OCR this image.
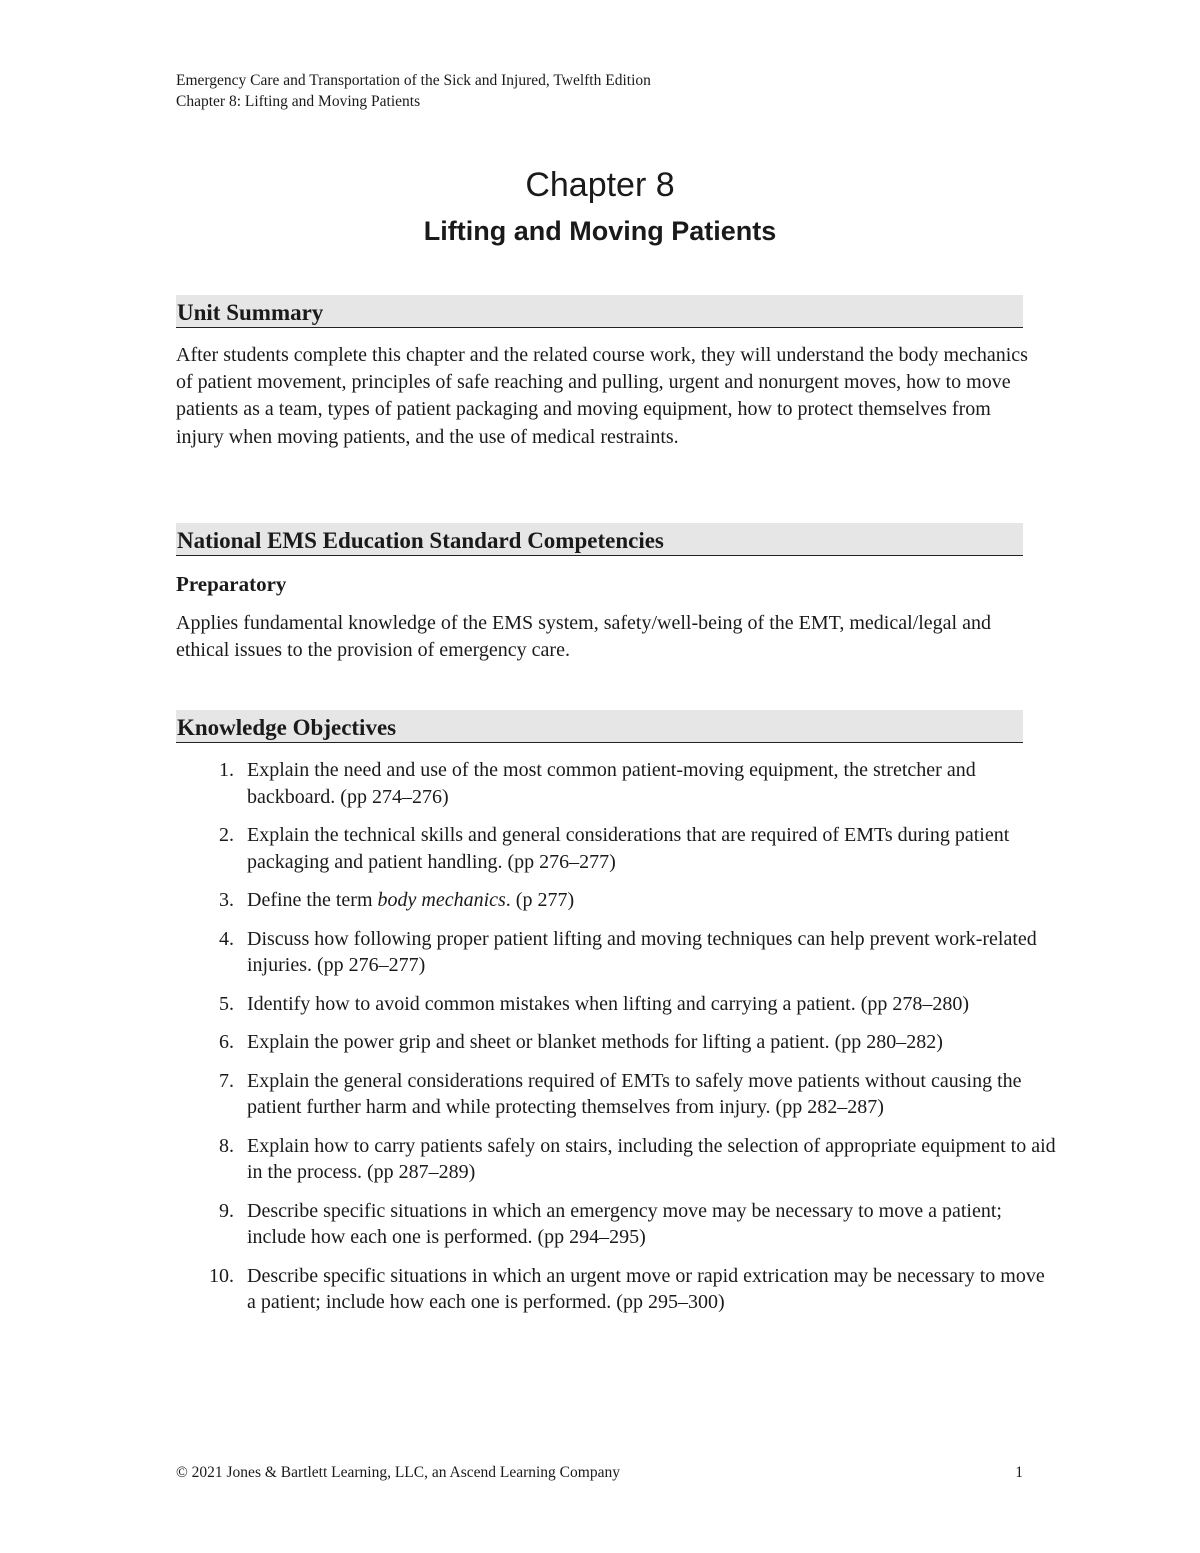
Emergency Care and Transportation of the Sick and Injured, Twelfth Edition
Chapter 8: Lifting and Moving Patients
Chapter 8
Lifting and Moving Patients
Unit Summary
After students complete this chapter and the related course work, they will understand the body mechanics of patient movement, principles of safe reaching and pulling, urgent and nonurgent moves, how to move patients as a team, types of patient packaging and moving equipment, how to protect themselves from injury when moving patients, and the use of medical restraints.
National EMS Education Standard Competencies
Preparatory
Applies fundamental knowledge of the EMS system, safety/well-being of the EMT, medical/legal and ethical issues to the provision of emergency care.
Knowledge Objectives
1. Explain the need and use of the most common patient-moving equipment, the stretcher and backboard. (pp 274–276)
2. Explain the technical skills and general considerations that are required of EMTs during patient packaging and patient handling. (pp 276–277)
3. Define the term body mechanics. (p 277)
4. Discuss how following proper patient lifting and moving techniques can help prevent work-related injuries. (pp 276–277)
5. Identify how to avoid common mistakes when lifting and carrying a patient. (pp 278–280)
6. Explain the power grip and sheet or blanket methods for lifting a patient. (pp 280–282)
7. Explain the general considerations required of EMTs to safely move patients without causing the patient further harm and while protecting themselves from injury. (pp 282–287)
8. Explain how to carry patients safely on stairs, including the selection of appropriate equipment to aid in the process. (pp 287–289)
9. Describe specific situations in which an emergency move may be necessary to move a patient; include how each one is performed. (pp 294–295)
10. Describe specific situations in which an urgent move or rapid extrication may be necessary to move a patient; include how each one is performed. (pp 295–300)
© 2021 Jones & Bartlett Learning, LLC, an Ascend Learning Company	1
